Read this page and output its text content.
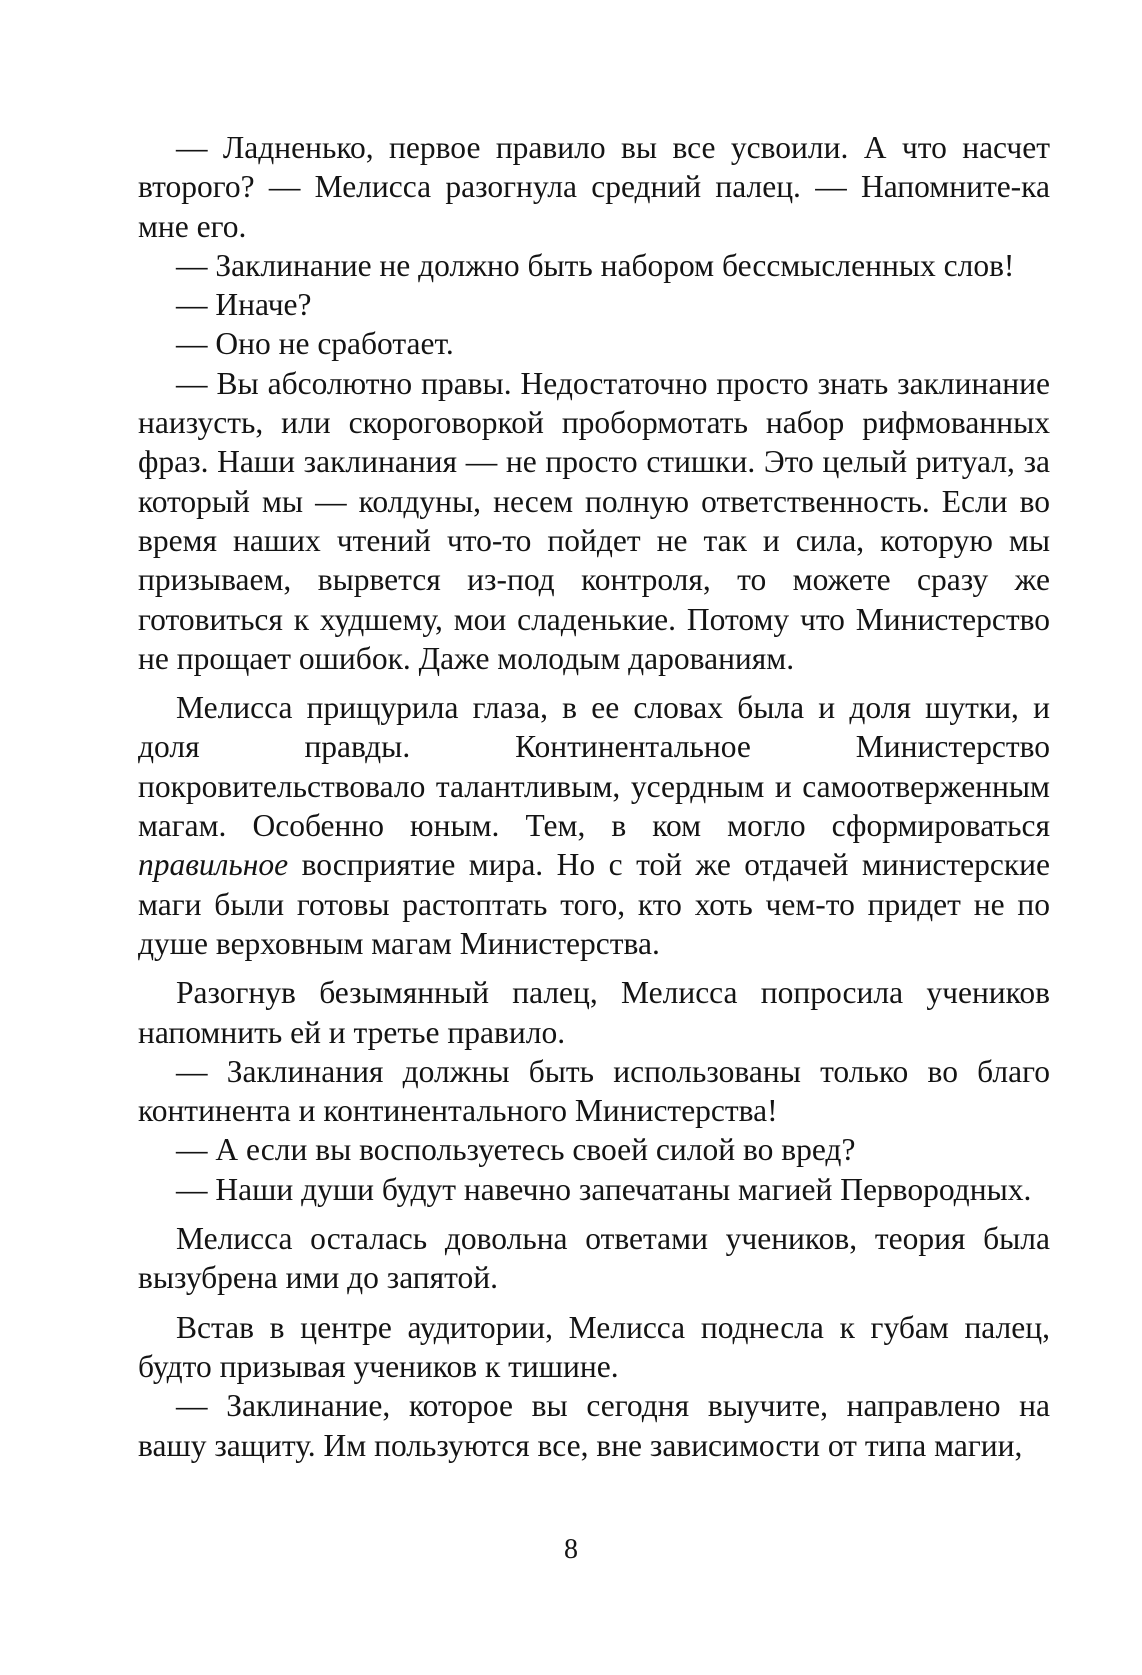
— Ладненько, первое правило вы все усвоили. А что насчет второго? — Мелисса разогнула средний палец. — Напомните-ка мне его.

— Заклинание не должно быть набором бессмысленных слов!

— Иначе?

— Оно не сработает.

— Вы абсолютно правы. Недостаточно просто знать заклинание наизусть, или скороговоркой пробормотать набор рифмованных фраз. Наши заклинания — не просто стишки. Это целый ритуал, за который мы — колдуны, несем полную ответственность. Если во время наших чтений что-то пойдет не так и сила, которую мы призываем, вырвется из-под контроля, то можете сразу же готовиться к худшему, мои сладенькие. Потому что Министерство не прощает ошибок. Даже молодым дарованиям.

Мелисса прищурила глаза, в ее словах была и доля шутки, и доля правды. Континентальное Министерство покровительствовало талантливым, усердным и самоотверженным магам. Особенно юным. Тем, в ком могло сформироваться правильное восприятие мира. Но с той же отдачей министерские маги были готовы растоптать того, кто хоть чем-то придет не по душе верховным магам Министерства.

Разогнув безымянный палец, Мелисса попросила учеников напомнить ей и третье правило.

— Заклинания должны быть использованы только во благо континента и континентального Министерства!

— А если вы воспользуетесь своей силой во вред?

— Наши души будут навечно запечатаны магией Первородных.

Мелисса осталась довольна ответами учеников, теория была вызубрена ими до запятой.

Встав в центре аудитории, Мелисса поднесла к губам палец, будто призывая учеников к тишине.

— Заклинание, которое вы сегодня выучите, направлено на вашу защиту. Им пользуются все, вне зависимости от типа магии,

8
